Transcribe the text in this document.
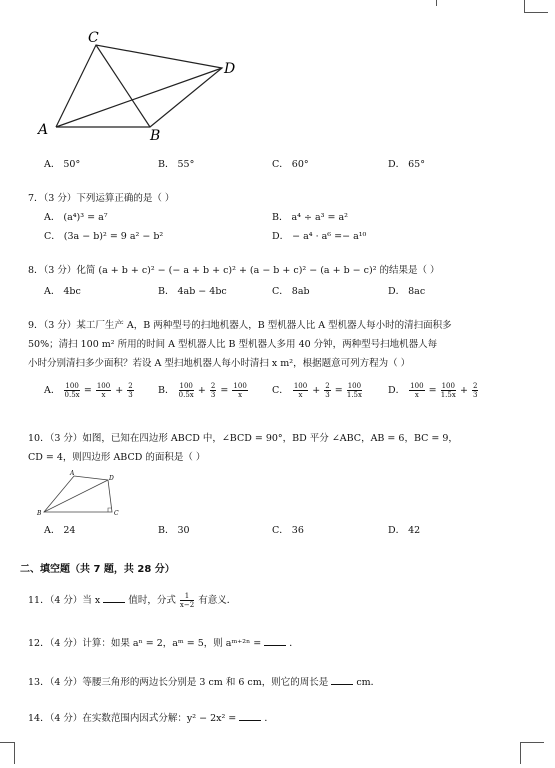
C
D
A	B
A． 50°	B． 55°	C． 60°	D． 65°
7．（3 分）下列运算正确的是（ ）
A． (a⁴)³ = a⁷	B． a⁴ ÷ a³ = a²
C． (3a − b)² = 9 a² − b²	D． − a⁴ · a⁶ =− a¹⁰
8．（3 分）化简 (a + b + c)² − (− a + b + c)² + (a − b + c)² − (a + b − c)² 的结果是（ ）
A． 4bc	B． 4ab − 4bc	C． 8ab	D． 8ac
9．（3 分）某工厂生产 A，B 两种型号的扫地机器人，B 型机器人比 A 型机器人每小时的清扫面积多
50%；清扫 100 m² 所用的时间 A 型机器人比 B 型机器人多用 40 分钟，两种型号扫地机器人每
小时分别清扫多少面积？若设 A 型扫地机器人每小时清扫 x m²，根据题意可列方程为（ ）
A． $\frac{100}{0.5x} = \frac{100}{x} + \frac{2}{3}$	B． $\frac{100}{0.5x} + \frac{2}{3} = \frac{100}{x}$	C． $\frac{100}{x} + \frac{2}{3} = \frac{100}{1.5x}$	D． $\frac{100}{x} = \frac{100}{1.5x} + \frac{2}{3}$
10．（3 分）如图，已知在四边形 ABCD 中，∠BCD = 90°，BD 平分 ∠ABC，AB = 6，BC = 9，
CD = 4，则四边形 ABCD 的面积是（ ）
A
D
B	C
A． 24	B． 30	C． 36	D． 42
二、填空题（共 7 题，共 28 分）
11．（4 分）当 x	值时，分式 $\frac{1}{x-2}$ 有意义．
12．（4 分）计算：如果 aⁿ = 2，aᵐ = 5，则 aᵐ⁺²ⁿ =	．
13．（4 分）等腰三角形的两边长分别是 3 cm 和 6 cm，则它的周长是	cm．
14．（4 分）在实数范围内因式分解：y² − 2x² =	．
